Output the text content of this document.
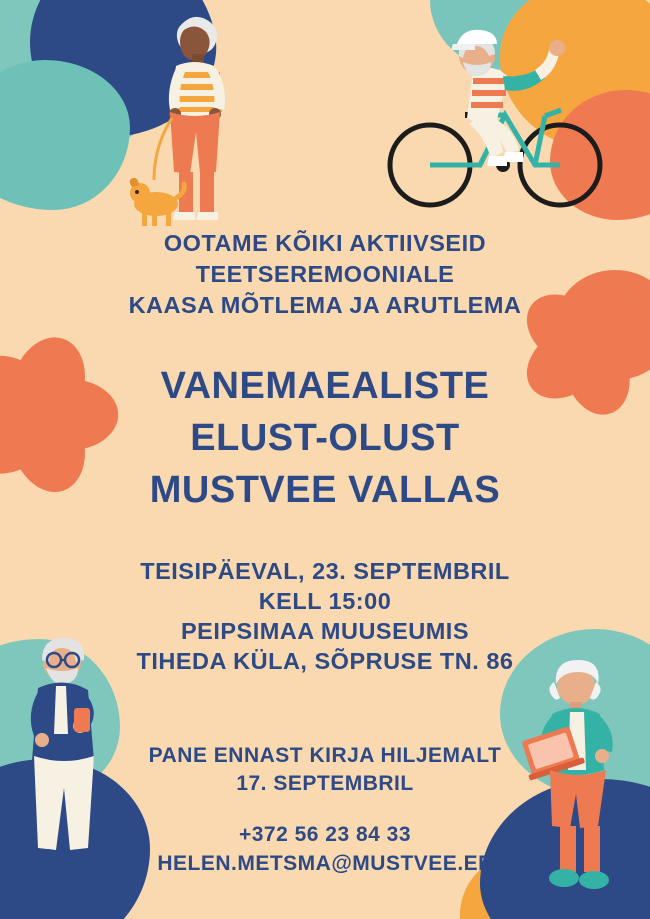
OOTAME KÕIKI AKTIIVSEID
TEETSEREMOONIALE
KAASA MÕTLEMA JA ARUTLEMA
VANEMAEALISTE
ELUST-OLUST
MUSTVEE VALLAS
TEISIPÄEVAL, 23. SEPTEMBRIL
KELL 15:00
PEIPSIMAA MUUSEUMIS
TIHEDA KÜLA, SÕPRUSE TN. 86
PANE ENNAST KIRJA HILJEMALT
17. SEPTEMBRIL
+372 56 23 84 33
HELEN.METSMA@MUSTVEE.EE
